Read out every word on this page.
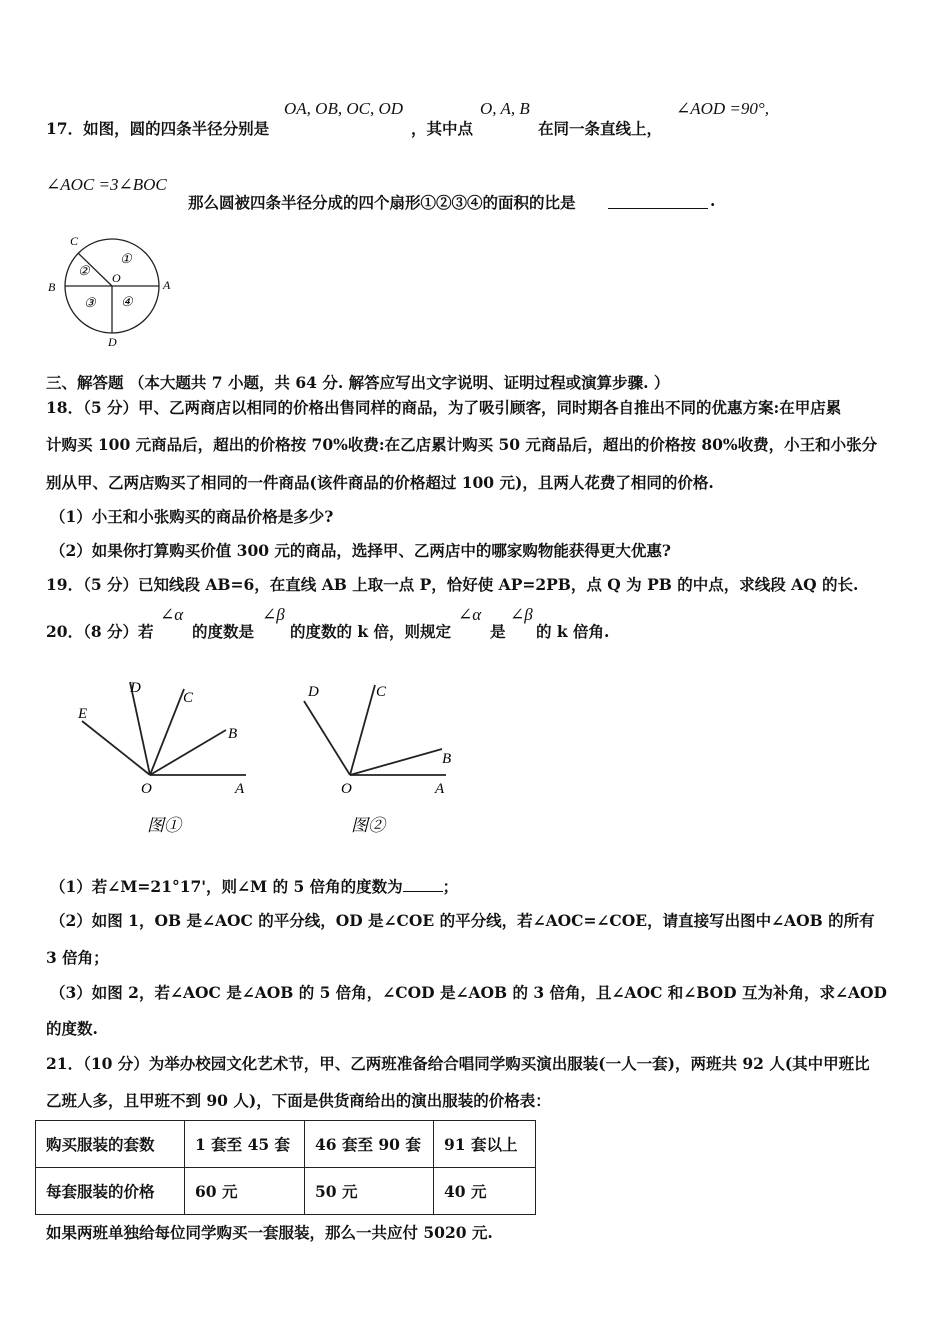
17．如图，圆的四条半径分别是
OA, OB, OC, OD
，其中点
O, A, B
在同一条直线上，
∠AOD =90°,
∠AOC =3∠BOC
那么圆被四条半径分成的四个扇形①②③④的面积的比是	.
C
B	A
D
O
①
②
③ ④
三、解答题 （本大题共 7 小题，共 64 分. 解答应写出文字说明、证明过程或演算步骤. ）
18．（5 分）甲、乙两商店以相同的价格出售同样的商品，为了吸引顾客，同时期各自推出不同的优惠方案:在甲店累
计购买 100 元商品后，超出的价格按 70%收费:在乙店累计购买 50 元商品后，超出的价格按 80%收费，小王和小张分
别从甲、乙两店购买了相同的一件商品(该件商品的价格超过 100 元)，且两人花费了相同的价格.
（1）小王和小张购买的商品价格是多少?
（2）如果你打算购买价值 300 元的商品，选择甲、乙两店中的哪家购物能获得更大优惠?
19．（5 分）已知线段 AB=6，在直线 AB 上取一点 P，恰好使 AP=2PB，点 Q 为 PB 的中点，求线段 AQ 的长.
20．（8 分）若
∠α
的度数是
∠β
的度数的 k 倍，则规定
∠α
是
∠β
的 k 倍角.
E
D
C
B
O	A
图①
D	C
B
O	A
图②
（1）若∠M=21°17'，则∠M 的 5 倍角的度数为	；
（2）如图 1，OB 是∠AOC 的平分线，OD 是∠COE 的平分线，若∠AOC=∠COE，请直接写出图中∠AOB 的所有
3 倍角；
（3）如图 2，若∠AOC 是∠AOB 的 5 倍角，∠COD 是∠AOB 的 3 倍角，且∠AOC 和∠BOD 互为补角，求∠AOD
的度数.
21．（10 分）为举办校园文化艺术节，甲、乙两班准备给合唱同学购买演出服装(一人一套)，两班共 92 人(其中甲班比
乙班人多，且甲班不到 90 人)，下面是供货商给出的演出服装的价格表：
购买服装的套数	1 套至 45 套	46 套至 90 套	91 套以上
每套服装的价格	60 元	50 元	40 元
如果两班单独给每位同学购买一套服装，那么一共应付 5020 元.
